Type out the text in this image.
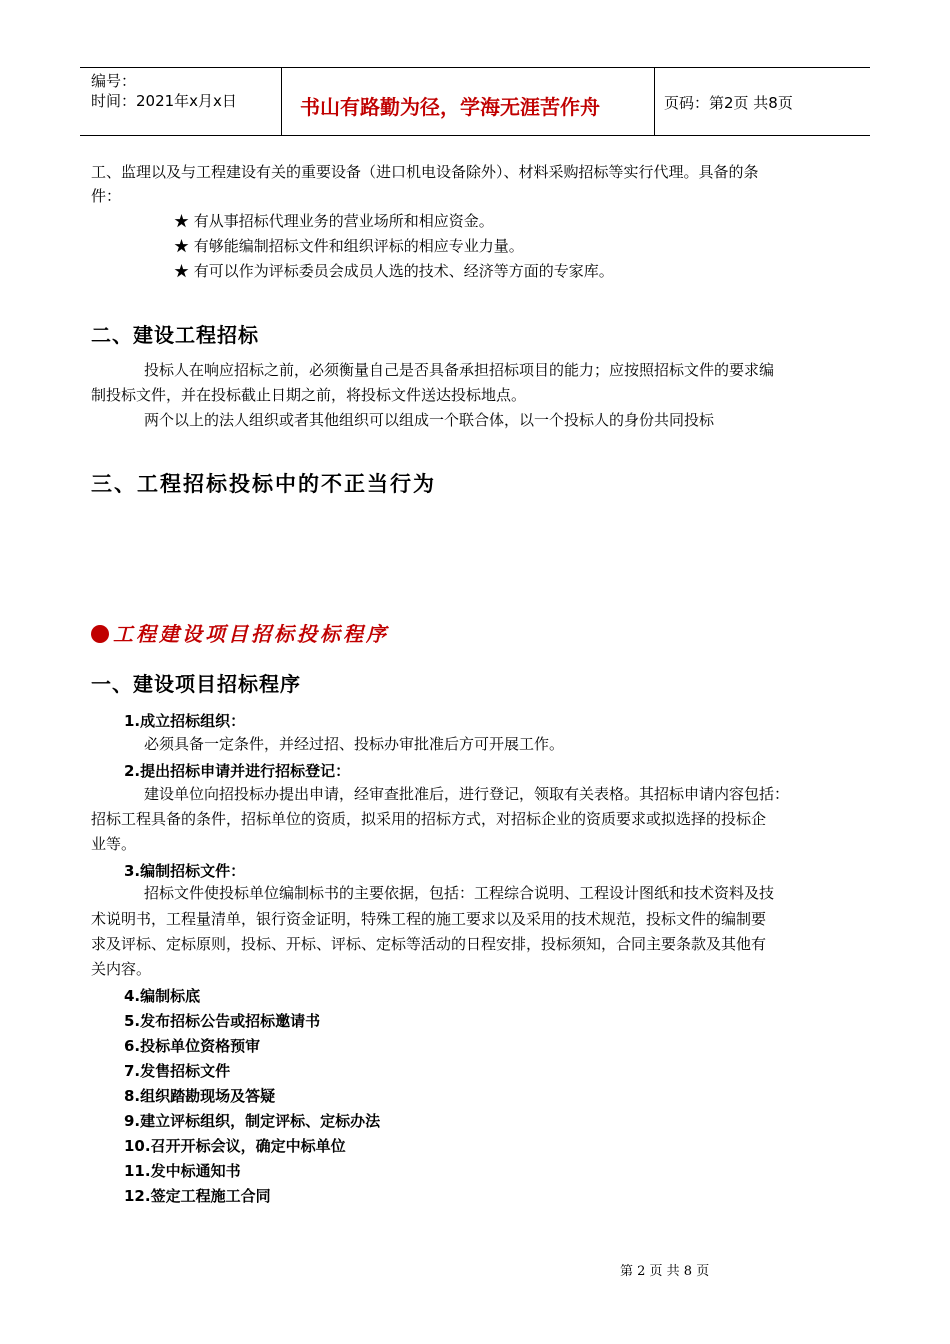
编号：
时间：2021年x月x日	书山有路勤为径，学海无涯苦作舟	页码：第2页 共8页
工、监理以及与工程建设有关的重要设备（进口机电设备除外）、材料采购招标等实行代理。具备的条
件：
★ 有从事招标代理业务的营业场所和相应资金。
★ 有够能编制招标文件和组织评标的相应专业力量。
★ 有可以作为评标委员会成员人选的技术、经济等方面的专家库。
二、建设工程招标
投标人在响应招标之前，必须衡量自己是否具备承担招标项目的能力；应按照招标文件的要求编
制投标文件，并在投标截止日期之前，将投标文件送达投标地点。
两个以上的法人组织或者其他组织可以组成一个联合体，以一个投标人的身份共同投标
三、工程招标投标中的不正当行为
工程建设项目招标投标程序
一、建设项目招标程序
1.成立招标组织：
必须具备一定条件，并经过招、投标办审批准后方可开展工作。
2.提出招标申请并进行招标登记：
建设单位向招投标办提出申请，经审查批准后，进行登记，领取有关表格。其招标申请内容包括：
招标工程具备的条件，招标单位的资质，拟采用的招标方式，对招标企业的资质要求或拟选择的投标企
业等。
3.编制招标文件：
招标文件使投标单位编制标书的主要依据，包括：工程综合说明、工程设计图纸和技术资料及技
术说明书，工程量清单，银行资金证明，特殊工程的施工要求以及采用的技术规范，投标文件的编制要
求及评标、定标原则，投标、开标、评标、定标等活动的日程安排，投标须知，合同主要条款及其他有
关内容。
4.编制标底
5.发布招标公告或招标邀请书
6.投标单位资格预审
7.发售招标文件
8.组织踏勘现场及答疑
9.建立评标组织，制定评标、定标办法
10.召开开标会议，确定中标单位
11.发中标通知书
12.签定工程施工合同
第 2 页 共 8 页
